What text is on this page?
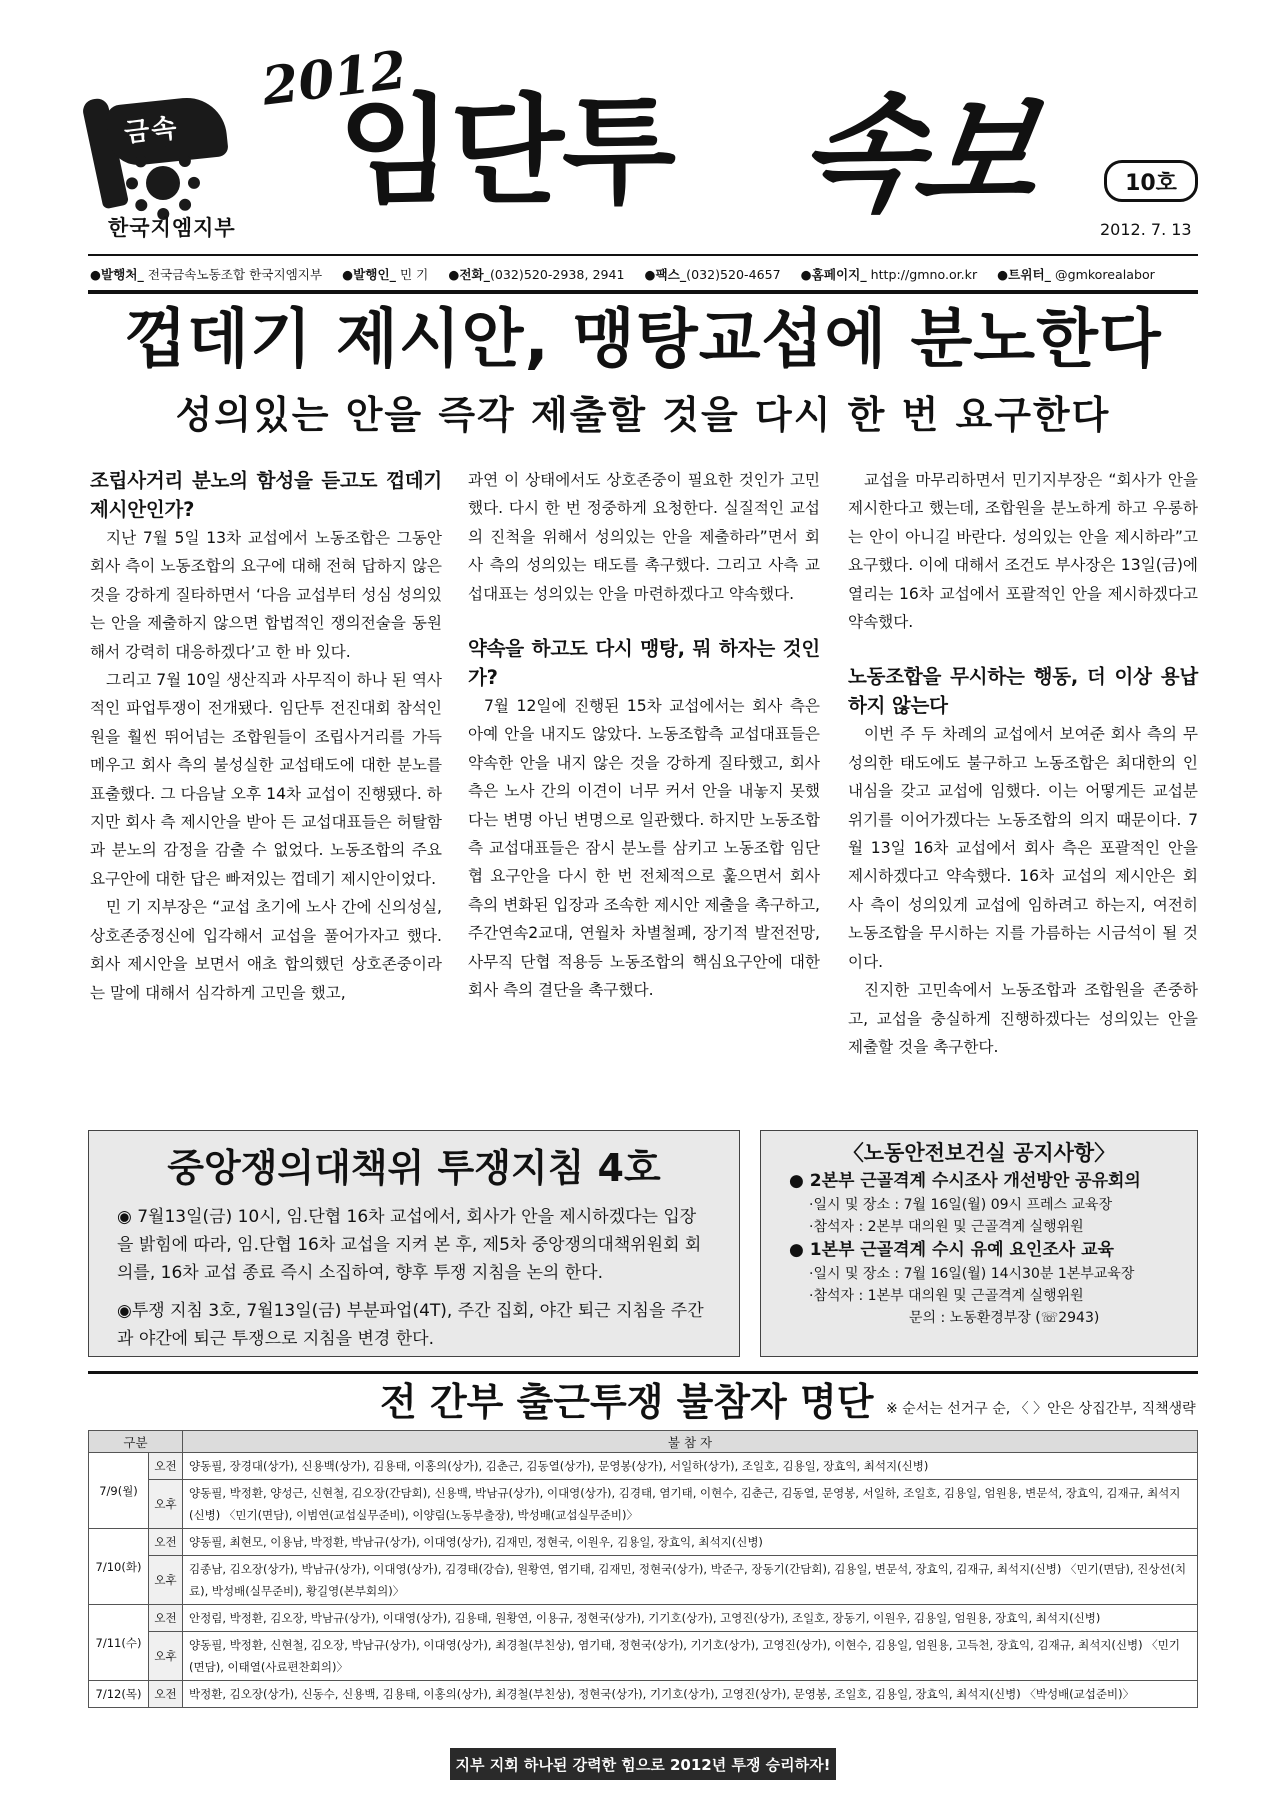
금속
한국지엠지부
2012
임단투 속보	10호
2012. 7. 13
●발행처_ 전국금속노동조합 한국지엠지부 ●발행인_ 민 기 ●전화_(032)520-2938, 2941 ●팩스_(032)520-4657 ●홈페이지_ http://gmno.or.kr ●트위터_ @gmkorealabor
껍데기 제시안, 맹탕교섭에 분노한다
성의있는 안을 즉각 제출할 것을 다시 한 번 요구한다
조립사거리 분노의 함성을 듣고도 껍데기 제시안인가?

지난 7월 5일 13차 교섭에서 노동조합은 그동안 회사 측이 노동조합의 요구에 대해 전혀 답하지 않은 것을 강하게 질타하면서 ‘다음 교섭부터 성심 성의있는 안을 제출하지 않으면 합법적인 쟁의전술을 동원해서 강력히 대응하겠다’고 한 바 있다.

그리고 7월 10일 생산직과 사무직이 하나 된 역사적인 파업투쟁이 전개됐다. 임단투 전진대회 참석인원을 훨씬 뛰어넘는 조합원들이 조립사거리를 가득 메우고 회사 측의 불성실한 교섭태도에 대한 분노를 표출했다. 그 다음날 오후 14차 교섭이 진행됐다. 하지만 회사 측 제시안을 받아 든 교섭대표들은 허탈함과 분노의 감정을 감출 수 없었다. 노동조합의 주요 요구안에 대한 답은 빠져있는 껍데기 제시안이었다.

민 기 지부장은 “교섭 초기에 노사 간에 신의성실, 상호존중정신에 입각해서 교섭을 풀어가자고 했다. 회사 제시안을 보면서 애초 합의했던 상호존중이라는 말에 대해서 심각하게 고민을 했고,

과연 이 상태에서도 상호존중이 필요한 것인가 고민했다. 다시 한 번 정중하게 요청한다. 실질적인 교섭의 진척을 위해서 성의있는 안을 제출하라”면서 회사 측의 성의있는 태도를 촉구했다. 그리고 사측 교섭대표는 성의있는 안을 마련하겠다고 약속했다.

약속을 하고도 다시 맹탕, 뭐 하자는 것인가?

7월 12일에 진행된 15차 교섭에서는 회사 측은 아예 안을 내지도 않았다. 노동조합측 교섭대표들은 약속한 안을 내지 않은 것을 강하게 질타했고, 회사 측은 노사 간의 이견이 너무 커서 안을 내놓지 못했다는 변명 아닌 변명으로 일관했다. 하지만 노동조합 측 교섭대표들은 잠시 분노를 삼키고 노동조합 임단협 요구안을 다시 한 번 전체적으로 훑으면서 회사 측의 변화된 입장과 조속한 제시안 제출을 촉구하고, 주간연속2교대, 연월차 차별철폐, 장기적 발전전망, 사무직 단협 적용등 노동조합의 핵심요구안에 대한 회사 측의 결단을 촉구했다.

교섭을 마무리하면서 민기지부장은 “회사가 안을 제시한다고 했는데, 조합원을 분노하게 하고 우롱하는 안이 아니길 바란다. 성의있는 안을 제시하라”고 요구했다. 이에 대해서 조건도 부사장은 13일(금)에 열리는 16차 교섭에서 포괄적인 안을 제시하겠다고 약속했다.

노동조합을 무시하는 행동, 더 이상 용납하지 않는다

이번 주 두 차례의 교섭에서 보여준 회사 측의 무성의한 태도에도 불구하고 노동조합은 최대한의 인내심을 갖고 교섭에 임했다. 이는 어떻게든 교섭분위기를 이어가겠다는 노동조합의 의지 때문이다. 7월 13일 16차 교섭에서 회사 측은 포괄적인 안을 제시하겠다고 약속했다. 16차 교섭의 제시안은 회사 측이 성의있게 교섭에 임하려고 하는지, 여전히 노동조합을 무시하는 지를 가름하는 시금석이 될 것이다.

진지한 고민속에서 노동조합과 조합원을 존중하고, 교섭을 충실하게 진행하겠다는 성의있는 안을 제출할 것을 촉구한다.

중앙쟁의대책위 투쟁지침 4호

◉ 7월13일(금) 10시, 임.단협 16차 교섭에서, 회사가 안을 제시하겠다는 입장을 밝힘에 따라, 임.단협 16차 교섭을 지켜 본 후, 제5차 중앙쟁의대책위원회 회의를, 16차 교섭 종료 즉시 소집하여, 향후 투쟁 지침을 논의 한다.

◉투쟁 지침 3호, 7월13일(금) 부분파업(4T), 주간 집회, 야간 퇴근 지침을 주간과 야간에 퇴근 투쟁으로 지침을 변경 한다.

〈노동안전보건실 공지사항〉
● 2본부 근골격계 수시조사 개선방안 공유회의
·일시 및 장소 : 7월 16일(월) 09시 프레스 교육장
·참석자 : 2본부 대의원 및 근골격계 실행위원
● 1본부 근골격계 수시 유예 요인조사 교육
·일시 및 장소 : 7월 16일(월) 14시30분 1본부교육장
·참석자 : 1본부 대의원 및 근골격계 실행위원
문의 : 노동환경부장 (☏2943)
전 간부 출근투쟁 불참자 명단 ※ 순서는 선거구 순, 〈 〉안은 상집간부, 직책생략
구분		불 참 자
7/9(월)	오전	양동필, 장경대(상가), 신용백(상가), 김용태, 이홍의(상가), 김춘근, 김동열(상가), 문영봉(상가), 서일하(상가), 조일호, 김용일, 장효익, 최석지(신병)
	오후	양동필, 박정환, 양성근, 신현철, 김오장(간담회), 신용백, 박남규(상가), 이대영(상가), 김경태, 염기태, 이현수, 김춘근, 김동열, 문영봉, 서일하, 조일호, 김용일, 엄원용, 변문석, 장효익, 김재규, 최석지(신병) 〈민기(면담), 이범연(교섭실무준비), 이양림(노동부출장), 박성배(교섭실무준비)〉
7/10(화)	오전	양동필, 최현모, 이용남, 박정환, 박남규(상가), 이대영(상가), 김재민, 정현국, 이원우, 김용일, 장효익, 최석지(신병)
	오후	김종남, 김오장(상가), 박남규(상가), 이대영(상가), 김경태(강습), 원황연, 염기태, 김재민, 정현국(상가), 박준구, 장동기(간담회), 김용일, 변문석, 장효익, 김재규, 최석지(신병) 〈민기(면담), 진상선(치료), 박성배(실무준비), 황길영(본부회의)〉
7/11(수)	오전	안정림, 박정환, 김오장, 박남규(상가), 이대영(상가), 김용태, 원황연, 이용규, 정현국(상가), 기기호(상가), 고영진(상가), 조일호, 장동기, 이원우, 김용일, 엄원용, 장효익, 최석지(신병)
	오후	양동필, 박정환, 신현철, 김오장, 박남규(상가), 이대영(상가), 최경철(부친상), 염기태, 정현국(상가), 기기호(상가), 고영진(상가), 이현수, 김용일, 엄원용, 고득천, 장효익, 김재규, 최석지(신병) 〈민기(면담), 이태열(사료편찬회의)〉
7/12(목)	오전	박정환, 김오장(상가), 신동수, 신용백, 김용태, 이홍의(상가), 최경철(부친상), 정현국(상가), 기기호(상가), 고영진(상가), 문영봉, 조일호, 김용일, 장효익, 최석지(신병) 〈박성배(교섭준비)〉
지부 지회 하나된 강력한 힘으로 2012년 투쟁 승리하자!
